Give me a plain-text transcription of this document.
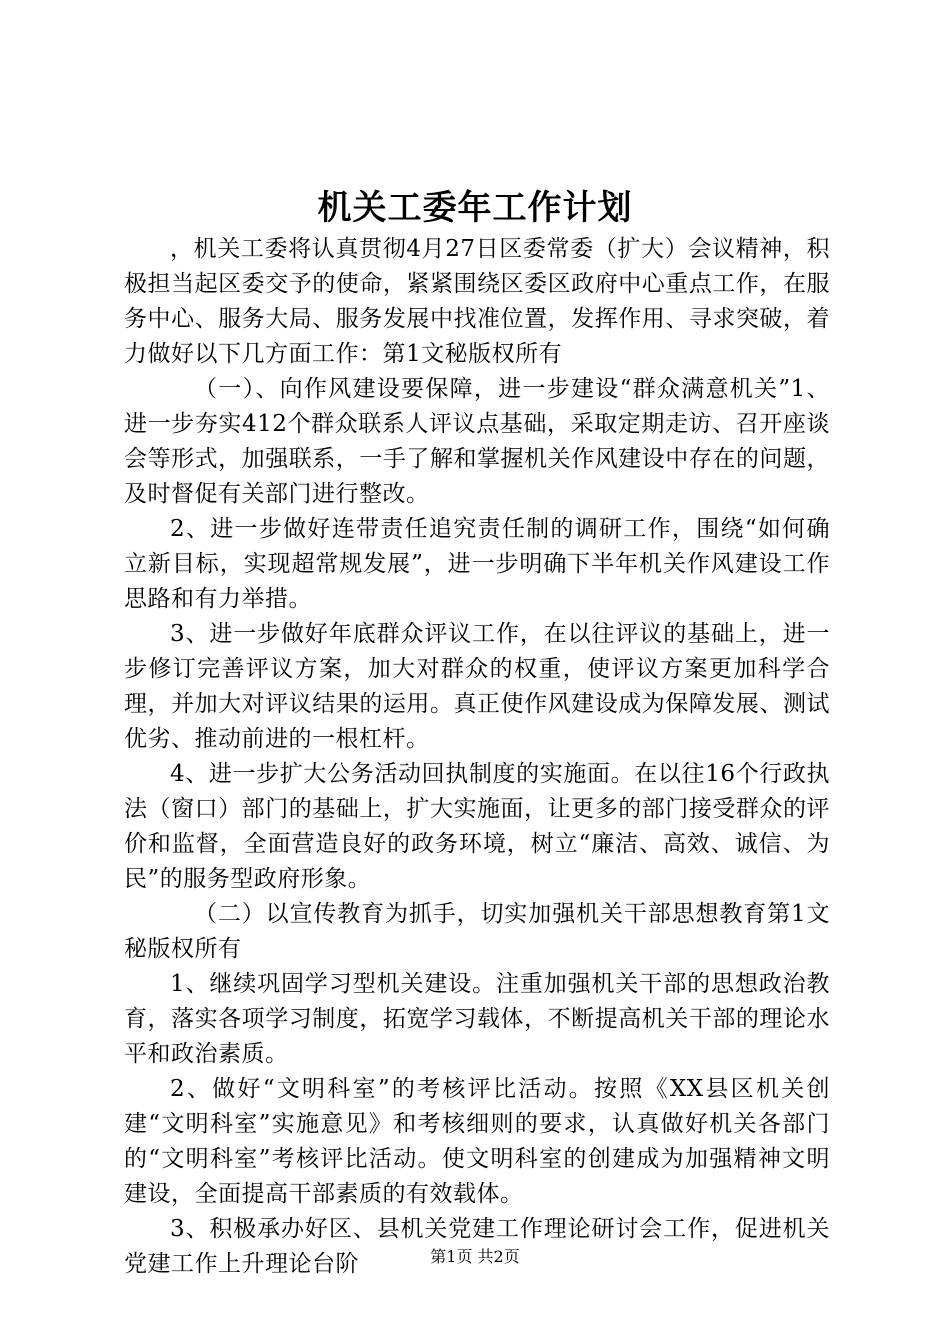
机关工委年工作计划

，机关工委将认真贯彻4月27日区委常委（扩大）会议精神，积极担当起区委交予的使命，紧紧围绕区委区政府中心重点工作，在服务中心、服务大局、服务发展中找准位置，发挥作用、寻求突破，着力做好以下几方面工作：第1文秘版权所有

（一）、向作风建设要保障，进一步建设“群众满意机关”1、进一步夯实412个群众联系人评议点基础，采取定期走访、召开座谈会等形式，加强联系，一手了解和掌握机关作风建设中存在的问题，及时督促有关部门进行整改。

2、进一步做好连带责任追究责任制的调研工作，围绕“如何确立新目标，实现超常规发展”，进一步明确下半年机关作风建设工作思路和有力举措。

3、进一步做好年底群众评议工作，在以往评议的基础上，进一步修订完善评议方案，加大对群众的权重，使评议方案更加科学合理，并加大对评议结果的运用。真正使作风建设成为保障发展、测试优劣、推动前进的一根杠杆。

4、进一步扩大公务活动回执制度的实施面。在以往16个行政执法（窗口）部门的基础上，扩大实施面，让更多的部门接受群众的评价和监督，全面营造良好的政务环境，树立“廉洁、高效、诚信、为民”的服务型政府形象。

（二）以宣传教育为抓手，切实加强机关干部思想教育第1文秘版权所有

1、继续巩固学习型机关建设。注重加强机关干部的思想政治教育，落实各项学习制度，拓宽学习载体，不断提高机关干部的理论水平和政治素质。

2、做好“文明科室”的考核评比活动。按照《XX县区机关创建“文明科室”实施意见》和考核细则的要求，认真做好机关各部门的“文明科室”考核评比活动。使文明科室的创建成为加强精神文明建设，全面提高干部素质的有效载体。

3、积极承办好区、县机关党建工作理论研讨会工作，促进机关党建工作上升理论台阶	第1页 共2页
